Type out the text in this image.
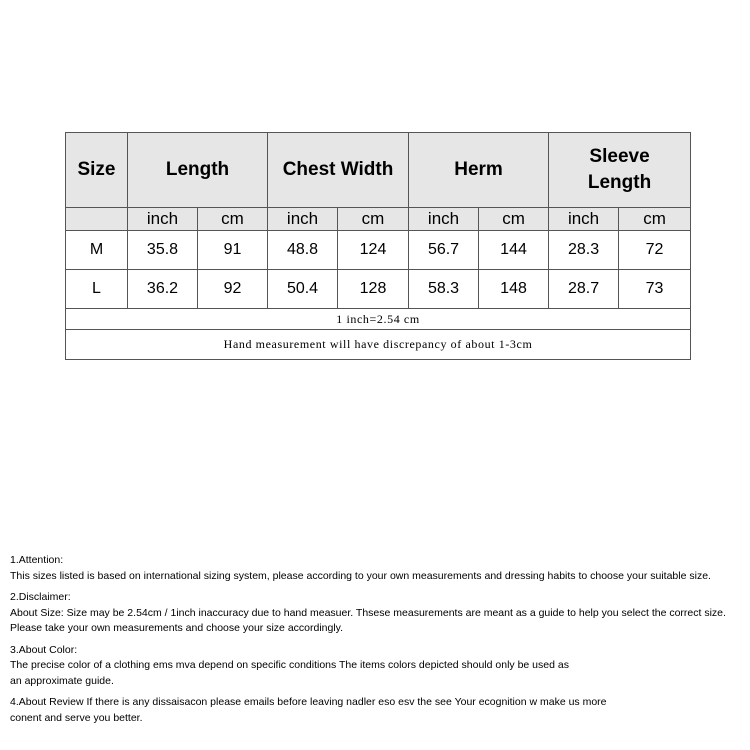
Size	Length		Chest Width		Herm		Sleeve
Length	
	inch	cm	inch	cm	inch	cm	inch	cm
M	35.8	91	48.8	124	56.7	144	28.3	72
L	36.2	92	50.4	128	58.3	148	28.7	73
1 inch=2.54 cm								
Hand measurement will have discrepancy of about 1-3cm								

1.Attention:
This sizes listed is based on international sizing system, please according to your own measurements and dressing habits to choose your suitable size.

2.Disclaimer:
About Size: Size may be 2.54cm / 1inch inaccuracy due to hand measuer. Thsese measurements are meant as a guide to help you select the correct size.
Please take your own measurements and choose your size accordingly.

3.About Color:
The precise color of a clothing ems mva depend on specific conditions The items colors depicted should only be used as
an approximate guide.

4.About Review If there is any dissaisacon please emails before leaving nadler eso esv the see Your ecognition w make us more
conent and serve you better.
